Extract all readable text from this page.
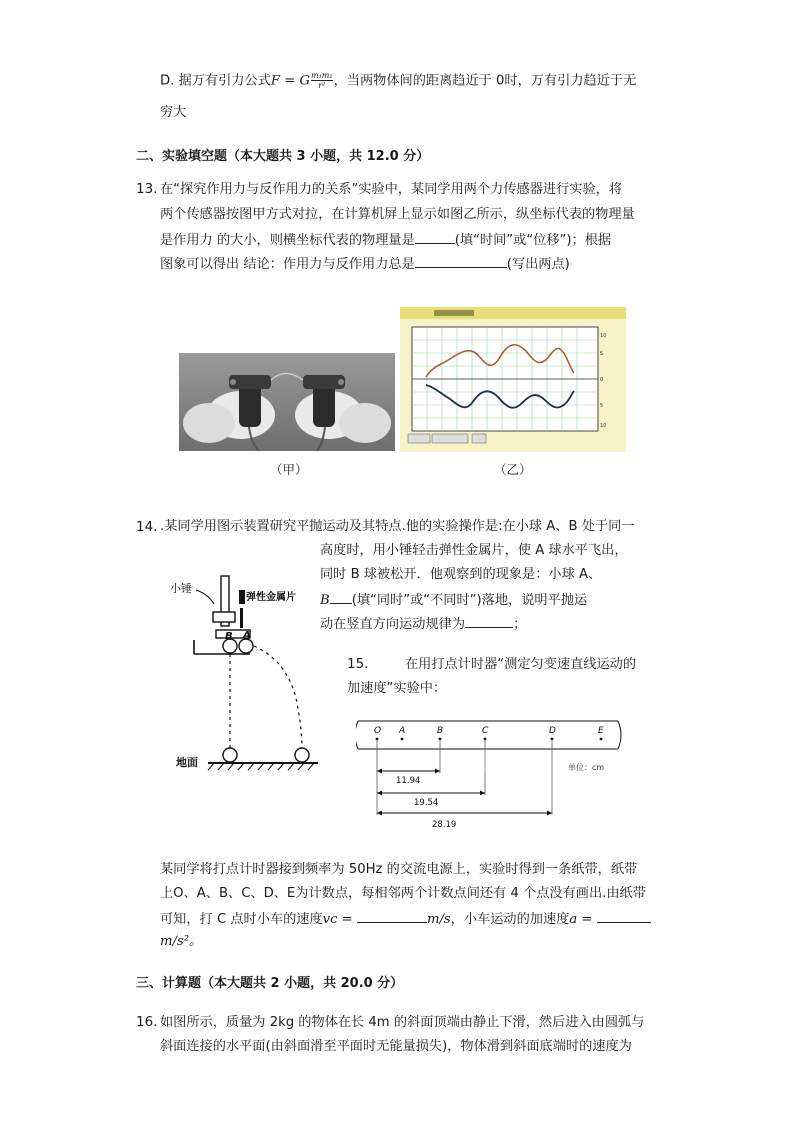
D. 据万有引力公式F = G $\frac{\text{m₁m₂}}{\text{r²}}$ ，当两物体间的距离趋近于 0时，万有引力趋近于无
穷大
二、实验填空题（本大题共 3 小题，共 12.0 分）
13. 在“探究作用力与反作用力的关系”实验中，某同学用两个力传感器进行实验，将
两个传感器按图甲方式对拉，在计算机屏上显示如图乙所示，纵坐标代表的物理量
是作用力 的大小，则横坐标代表的物理量是	(填“时间”或“位移”)；根据
图象可以得出 结论：作用力与反作用力总是	(写出两点)
（甲）
10
5
0
5
10
（乙）
14. .某同学用图示装置研究平抛运动及其特点.他的实验操作是:在小球 A、B 处于同一
高度时，用小锤轻击弹性金属片，使 A 球水平飞出，
同时 B 球被松开．他观察到的现象是：小球 A、
B (填“同时”或“不同时”)落地，说明平抛运
动在竖直方向运动规律为	；
小锤
弹性金属片
B A
地面
15.	在用打点计时器“测定匀变速直线运动的
加速度”实验中：
O A	B	C	D	E
单位：cm
11.94
19.54
28.19
某同学将打点计时器接到频率为 50Hz 的交流电源上，实验时得到一条纸带，纸带
上O、A、B、C、D、E为计数点，每相邻两个计数点间还有 4 个点没有画出.由纸带
可知，打 C 点时小车的速度vc =	m/s，小车运动的加速度a =
m/s²。
三、计算题（本大题共 2 小题，共 20.0 分）
16. 如图所示，质量为 2kg 的物体在长 4m 的斜面顶端由静止下滑，然后进入由圆弧与
斜面连接的水平面(由斜面滑至平面时无能量损失)，物体滑到斜面底端时的速度为
